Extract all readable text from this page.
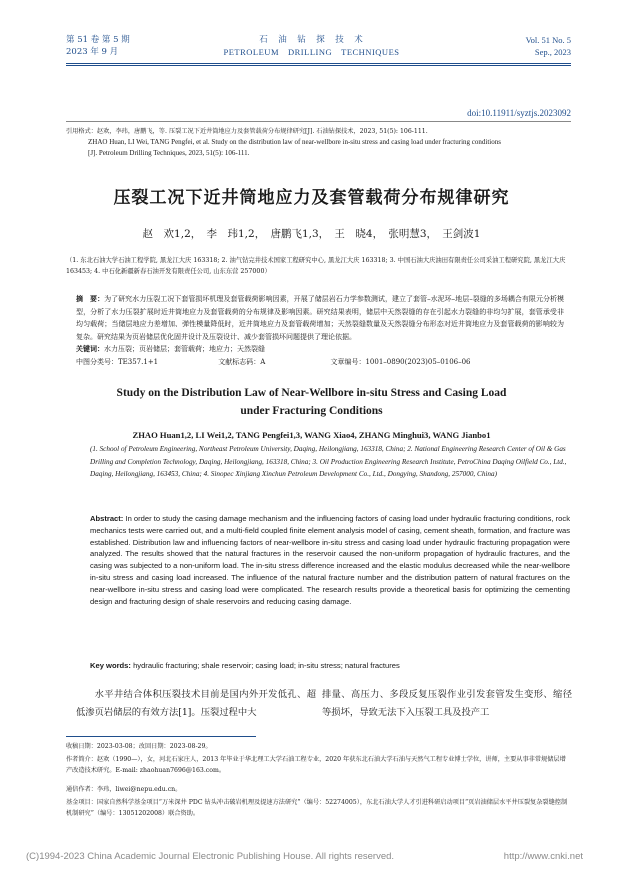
第 51 卷 第 5 期
2023 年 9 月
石　油　钻　探　技　术
PETROLEUM　DRILLING　TECHNIQUES
Vol. 51 No. 5
Sep., 2023
doi:10.11911/syztjs.2023092
引用格式：赵欢，李玮，唐鹏飞，等. 压裂工况下近井筒地应力及套管载荷分布规律研究[J]. 石油钻探技术，2023, 51(5): 106-111.
ZHAO Huan, LI Wei, TANG Pengfei, et al. Study on the distribution law of near-wellbore in-situ stress and casing load under fracturing conditions
[J]. Petroleum Drilling Techniques, 2023, 51(5): 106-111.
压裂工况下近井筒地应力及套管载荷分布规律研究
赵　欢1,2，　李　玮1,2，　唐鹏飞1,3，　王　晓4，　张明慧3，　王剑波1
（1. 东北石油大学石油工程学院, 黑龙江大庆 163318; 2. 油气钻完井技术国家工程研究中心, 黑龙江大庆 163318; 3. 中国石油大庆油田有限责任公司采油工程研究院, 黑龙江大庆 163453; 4. 中石化新疆新春石油开发有限责任公司, 山东东营 257000）
摘　要：为了研究水力压裂工况下套管损坏机理及套管载荷影响因素，开展了储层岩石力学参数测试，建立了套管–水泥环–地层–裂缝的多场耦合有限元分析模型，分析了水力压裂扩展时近井筒地应力及套管载荷的分布规律及影响因素。研究结果表明，储层中天然裂缝的存在引起水力裂缝的非均匀扩展，套管承受非均匀载荷；当储层地应力差增加、弹性模量降低时，近井筒地应力及套管载荷增加；天然裂缝数量及天然裂缝分布形态对近井筒地应力及套管载荷的影响较为复杂。研究结果为页岩储层优化固井设计及压裂设计、减少套管损坏问题提供了理论依据。
关键词：水力压裂；页岩储层；套管载荷；地应力；天然裂缝
中图分类号：TE357.1+1	文献标志码：A	文章编号：1001–0890(2023)05–0106–06
Study on the Distribution Law of Near-Wellbore in-situ Stress and Casing Load
under Fracturing Conditions
ZHAO Huan1,2, LI Wei1,2, TANG Pengfei1,3, WANG Xiao4, ZHANG Minghui3, WANG Jianbo1
(1. School of Petroleum Engineering, Northeast Petroleum University, Daqing, Heilongjiang, 163318, China; 2. National Engineering Research Center of Oil & Gas Drilling and Completion Technology, Daqing, Heilongjiang, 163318, China; 3. Oil Production Engineering Research Institute, PetroChina Daqing Oilfield Co., Ltd., Daqing, Heilongjiang, 163453, China; 4. Sinopec Xinjiang Xinchun Petroleum Development Co., Ltd., Dongying, Shandong, 257000, China)
Abstract: In order to study the casing damage mechanism and the influencing factors of casing load under hydraulic fracturing conditions, rock mechanics tests were carried out, and a multi-field coupled finite element analysis model of casing, cement sheath, formation, and fracture was established. Distribution law and influencing factors of near-wellbore in-situ stress and casing load under hydraulic fracturing propagation were analyzed. The results showed that the natural fractures in the reservoir caused the non-uniform propagation of hydraulic fractures, and the casing was subjected to a non-uniform load. The in-situ stress difference increased and the elastic modulus decreased while the near-wellbore in-situ stress and casing load increased. The influence of the natural fracture number and the distribution pattern of natural fractures on the near-wellbore in-situ stress and casing load were complicated. The research results provide a theoretical basis for optimizing the cementing design and fracturing design of shale reservoirs and reducing casing damage.
Key words: hydraulic fracturing; shale reservoir; casing load; in-situ stress; natural fractures
水平井结合体积压裂技术目前是国内外开发低孔、超低渗页岩储层的有效方法[1]。压裂过程中大
排量、高压力、多段反复压裂作业引发套管发生变形、缩径等损坏，导致无法下入压裂工具及投产工
收稿日期：2023-03-08；改回日期：2023-08-29。
作者简介：赵欢（1990—），女，河北石家庄人，2013 年毕业于华北理工大学石油工程专业，2020 年获东北石油大学石油与天然气工程专业博士学位，讲师，主要从事非常规储层增产改造技术研究。E-mail: zhaohuan7696@163.com。
通信作者：李玮，liwei@nepu.edu.cn。
基金项目：国家自然科学基金项目“万米深井 PDC 钻头冲击破岩机理及提速方法研究”（编号：52274005），东北石油大学人才引进科研启动项目“页岩油储层水平井压裂复杂裂缝控制机制研究”（编号：13051202008）联合资助。
(C)1994-2023 China Academic Journal Electronic Publishing House. All rights reserved.	http://www.cnki.net
